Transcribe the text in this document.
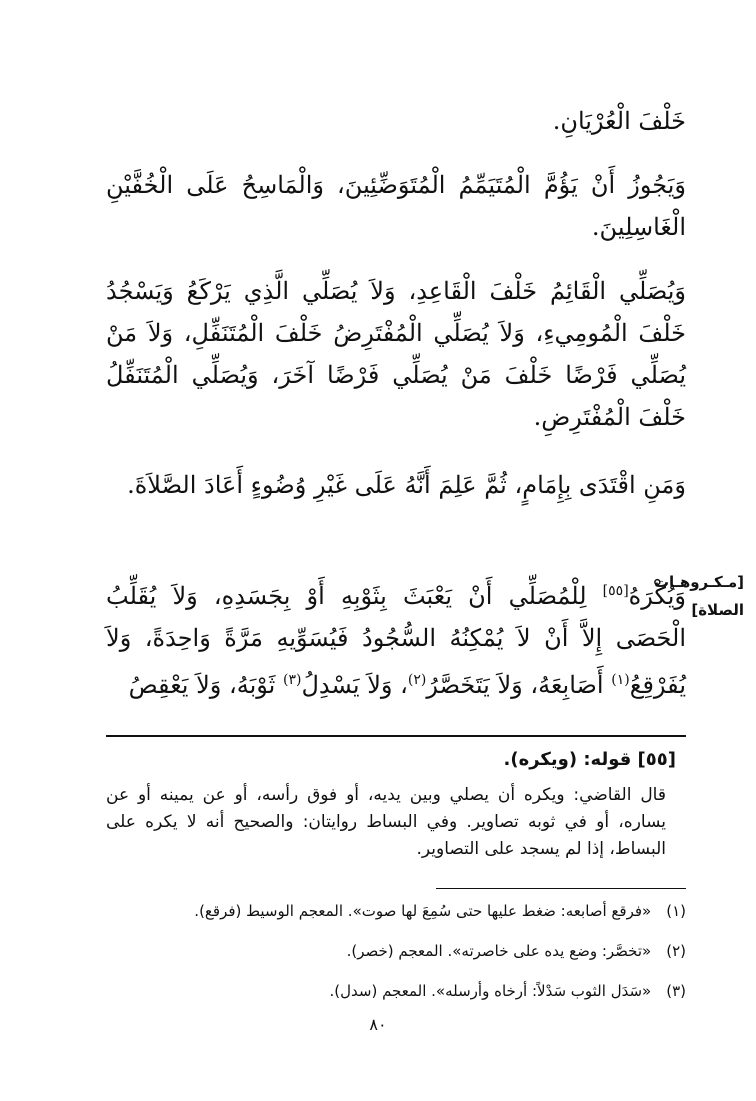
خَلْفَ الْعُرْيَانِ.

وَيَجُوزُ أَنْ يَؤُمَّ الْمُتَيَمِّمُ الْمُتَوَضِّئِينَ، وَالْمَاسِحُ عَلَى الْخُفَّيْنِ الْغَاسِلِينَ.

وَيُصَلِّي الْقَائِمُ خَلْفَ الْقَاعِدِ، وَلاَ يُصَلِّي الَّذِي يَرْكَعُ وَيَسْجُدُ خَلْفَ الْمُومِيءِ، وَلاَ يُصَلِّي الْمُفْتَرِضُ خَلْفَ الْمُتَنَفِّلِ، وَلاَ مَنْ يُصَلِّي فَرْضًا خَلْفَ مَنْ يُصَلِّي فَرْضًا آخَرَ، وَيُصَلِّي الْمُتَنَفِّلُ خَلْفَ الْمُفْتَرِضِ.

وَمَنِ اقْتَدَى بِإِمَامٍ، ثُمَّ عَلِمَ أَنَّهُ عَلَى غَيْرِ وُضُوءٍ أَعَادَ الصَّلاَةَ.

وَيُكْرَهُ[٥٥] لِلْمُصَلِّي أَنْ يَعْبَثَ بِثَوْبِهِ أَوْ بِجَسَدِهِ، وَلاَ يُقَلِّبُ الْحَصَى إِلاَّ أَنْ لاَ يُمْكِنُهُ السُّجُودُ فَيُسَوِّيهِ مَرَّةً وَاحِدَةً، وَلاَ يُفَرْقِعُ$^{(١)}$ أَصَابِعَهُ، وَلاَ يَتَخَصَّرُ$^{(٢)}$، وَلاَ يَسْدِلُ$^{(٣)}$ ثَوْبَهُ، وَلاَ يَعْقِصُ

[مـكـروهـات
الصلاة]

[٥٥] قوله: (ويكره).

قال القاضي: ويكره أن يصلي وبين يديه، أو فوق رأسه، أو عن يمينه أو عن يساره، أو في ثوبه تصاوير. وفي البساط روايتان: والصحيح أنه لا يكره على البساط، إذا لم يسجد على التصاوير.

(١) «فرقع أصابعه: ضغط عليها حتى سُمِعَ لها صوت». المعجم الوسيط (فرقع).

(٢) «تخصَّر: وضع يده على خاصرته». المعجم (خصر).

(٣) «سَدَل الثوب سَدْلاً: أرخاه وأرسله». المعجم (سدل).

٨٠
